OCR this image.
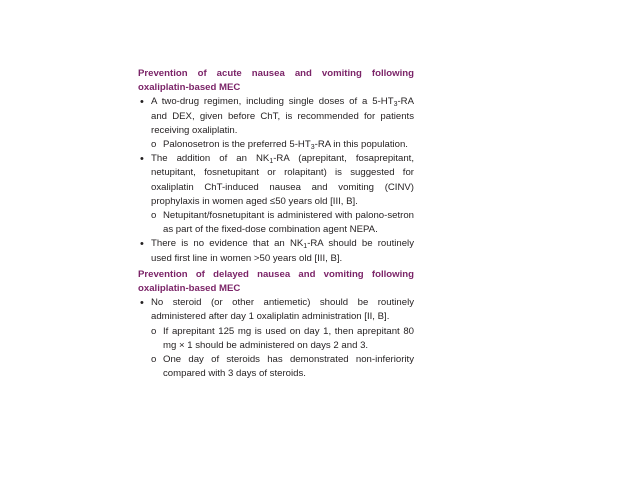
Prevention of acute nausea and vomiting following oxaliplatin-based MEC
• A two-drug regimen, including single doses of a $5-HT_3-RA$ and DEX, given before ChT, is recommended for patients receiving oxaliplatin.
o Palonosetron is the preferred $5-HT_3-RA$ in this population.
• The addition of an $NK_1-RA$ (aprepitant, fosaprepitant, netupitant, fosnetupitant or rolapitant) is suggested for oxaliplatin ChT-induced nausea and vomiting (CINV) prophylaxis in women aged ≤50 years old [III, B].
o Netupitant/fosnetupitant is administered with palono-setron as part of the fixed-dose combination agent NEPA.
• There is no evidence that an $NK_1-RA$ should be routinely used first line in women >50 years old [III, B].
Prevention of delayed nausea and vomiting following oxaliplatin-based MEC
• No steroid (or other antiemetic) should be routinely administered after day 1 oxaliplatin administration [II, B].
o If aprepitant 125 mg is used on day 1, then aprepitant 80 mg × 1 should be administered on days 2 and 3.
o One day of steroids has demonstrated non-inferiority compared with 3 days of steroids.
